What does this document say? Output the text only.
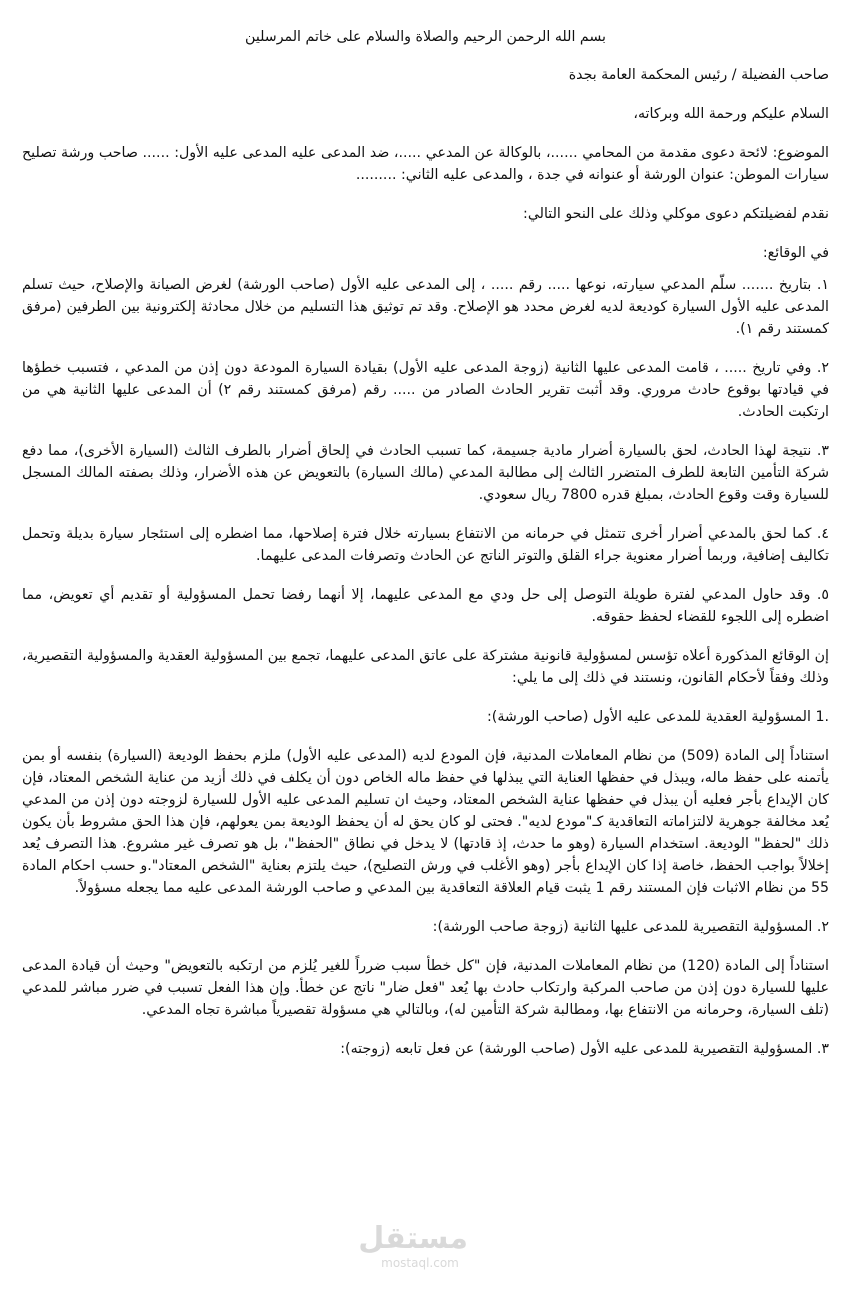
بسم الله الرحمن الرحيم والصلاة والسلام على خاتم المرسلين

صاحب الفضيلة / رئيس المحكمة العامة بجدة

السلام عليكم ورحمة الله وبركاته،

الموضوع: لائحة دعوى مقدمة من المحامي ......، بالوكالة عن المدعي .....، ضد المدعى عليه المدعى عليه الأول: ...... صاحب ورشة تصليح سيارات الموطن: عنوان الورشة أو عنوانه في جدة ، والمدعى عليه الثاني: .........

نقدم لفضيلتكم دعوى موكلي وذلك على النحو التالي:

في الوقائع:

١. بتاريخ ....... سلّم المدعي سيارته، نوعها ..... رقم ..... ، إلى المدعى عليه الأول (صاحب الورشة) لغرض الصيانة والإصلاح، حيث تسلم المدعى عليه الأول السيارة كوديعة لديه لغرض محدد هو الإصلاح. وقد تم توثيق هذا التسليم من خلال محادثة إلكترونية بين الطرفين (مرفق كمستند رقم ١).

٢. وفي تاريخ ..... ، قامت المدعى عليها الثانية (زوجة المدعى عليه الأول) بقيادة السيارة المودعة دون إذن من المدعي ، فتسبب خطؤها في قيادتها بوقوع حادث مروري. وقد أثبت تقرير الحادث الصادر من ..... رقم (مرفق كمستند رقم ٢) أن المدعى عليها الثانية هي من ارتكبت الحادث.

٣. نتيجة لهذا الحادث، لحق بالسيارة أضرار مادية جسيمة، كما تسبب الحادث في إلحاق أضرار بالطرف الثالث (السيارة الأخرى)، مما دفع شركة التأمين التابعة للطرف المتضرر الثالث إلى مطالبة المدعي (مالك السيارة) بالتعويض عن هذه الأضرار، وذلك بصفته المالك المسجل للسيارة وقت وقوع الحادث، بمبلغ قدره 7800 ريال سعودي.

٤. كما لحق بالمدعي أضرار أخرى تتمثل في حرمانه من الانتفاع بسيارته خلال فترة إصلاحها، مما اضطره إلى استئجار سيارة بديلة وتحمل تكاليف إضافية، وربما أضرار معنوية جراء القلق والتوتر الناتج عن الحادث وتصرفات المدعى عليهما.

٥. وقد حاول المدعي لفترة طويلة التوصل إلى حل ودي مع المدعى عليهما، إلا أنهما رفضا تحمل المسؤولية أو تقديم أي تعويض، مما اضطره إلى اللجوء للقضاء لحفظ حقوقه.

إن الوقائع المذكورة أعلاه تؤسس لمسؤولية قانونية مشتركة على عاتق المدعى عليهما، تجمع بين المسؤولية العقدية والمسؤولية التقصيرية، وذلك وفقاً لأحكام القانون، ونستند في ذلك إلى ما يلي:

.1 المسؤولية العقدية للمدعى عليه الأول (صاحب الورشة):

استناداً إلى المادة (509) من نظام المعاملات المدنية، فإن المودع لديه (المدعى عليه الأول) ملزم بحفظ الوديعة (السيارة) بنفسه أو بمن يأتمنه على حفظ ماله، ويبذل في حفظها العناية التي يبذلها في حفظ ماله الخاص دون أن يكلف في ذلك أزيد من عناية الشخص المعتاد، فإن كان الإيداع بأجر فعليه أن يبذل في حفظها عناية الشخص المعتاد، وحيث ان تسليم المدعى عليه الأول للسيارة لزوجته دون إذن من المدعي يُعد مخالفة جوهرية لالتزاماته التعاقدية كـ"مودع لديه". فحتى لو كان يحق له أن يحفظ الوديعة بمن يعولهم، فإن هذا الحق مشروط بأن يكون ذلك "لحفظ" الوديعة. استخدام السيارة (وهو ما حدث، إذ قادتها) لا يدخل في نطاق "الحفظ"، بل هو تصرف غير مشروع. هذا التصرف يُعد إخلالاً بواجب الحفظ، خاصة إذا كان الإيداع بأجر (وهو الأغلب في ورش التصليح)، حيث يلتزم بعناية "الشخص المعتاد".و حسب احكام المادة 55 من نظام الاثبات فإن المستند رقم 1 يثبت قيام العلاقة التعاقدية بين المدعي و صاحب الورشة المدعى عليه مما يجعله مسؤولاً.

٢. المسؤولية التقصيرية للمدعى عليها الثانية (زوجة صاحب الورشة):

استناداً إلى المادة (120) من نظام المعاملات المدنية، فإن "كل خطأ سبب ضرراً للغير يُلزم من ارتكبه بالتعويض" وحيث أن قيادة المدعى عليها للسيارة دون إذن من صاحب المركبة وارتكاب حادث بها يُعد "فعل ضار" ناتج عن خطأ. وإن هذا الفعل تسبب في ضرر مباشر للمدعي (تلف السيارة، وحرمانه من الانتفاع بها، ومطالبة شركة التأمين له)، وبالتالي هي مسؤولة تقصيرياً مباشرة تجاه المدعي.

٣. المسؤولية التقصيرية للمدعى عليه الأول (صاحب الورشة) عن فعل تابعه (زوجته):

مستقل
mostaql.com
